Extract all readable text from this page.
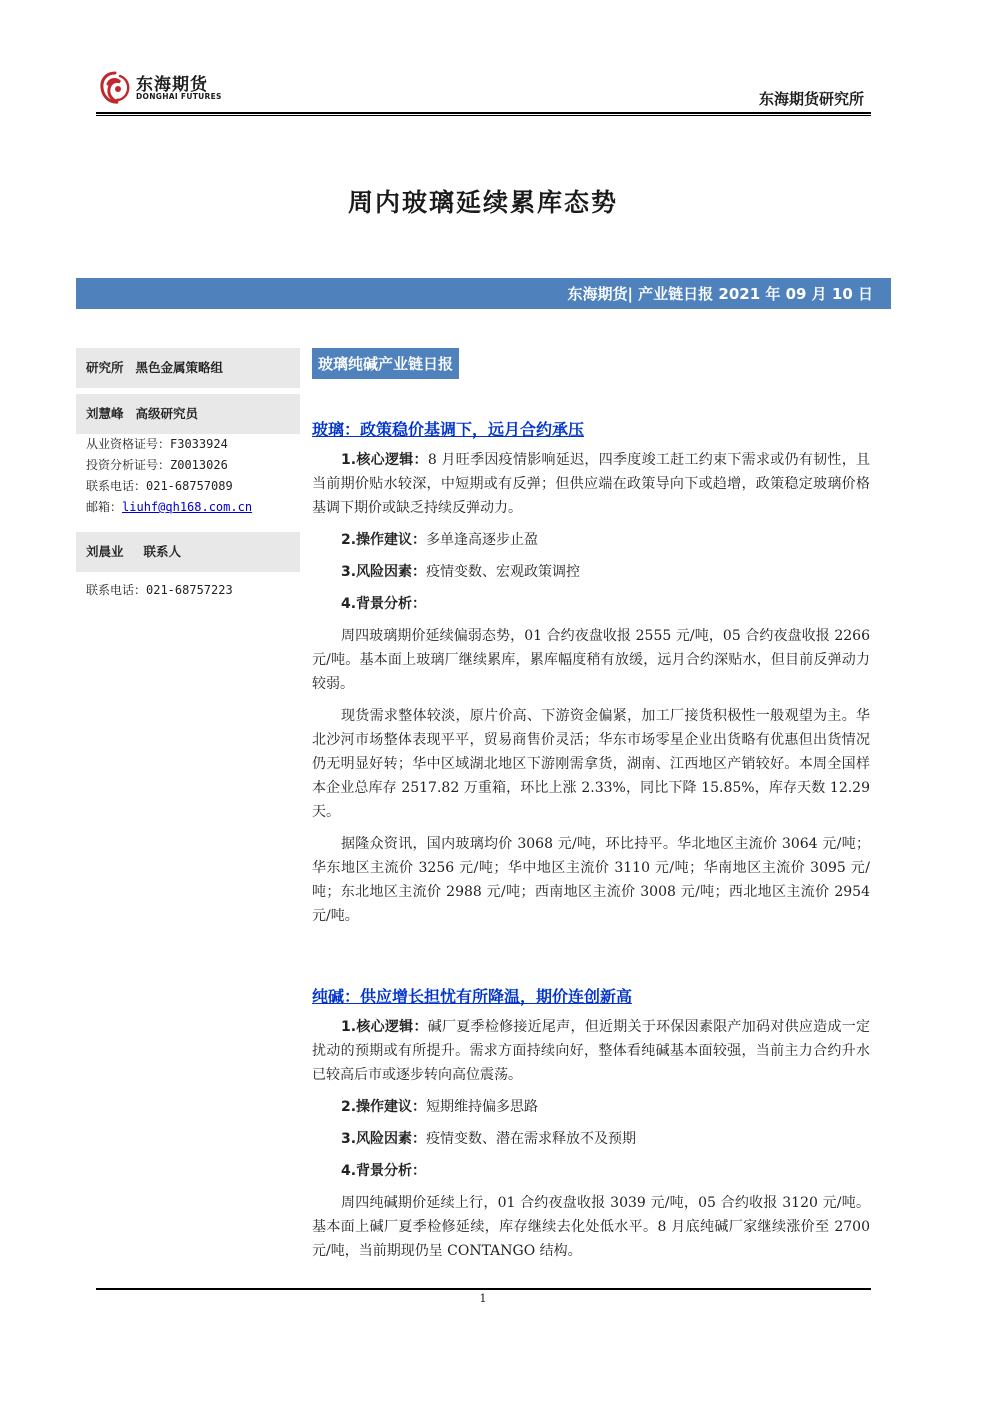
东海期货
DONGHAI FUTURES	东海期货研究所
周内玻璃延续累库态势
东海期货| 产业链日报 2021 年 09 月 10 日
研究所 黑色金属策略组
刘慧峰 高级研究员
从业资格证号：F3033924
投资分析证号：Z0013026
联系电话：021-68757089
邮箱：liuhf@qh168.com.cn
刘晨业 联系人
联系电话：021-68757223
玻璃纯碱产业链日报
玻璃：政策稳价基调下，远月合约承压

1.核心逻辑：8 月旺季因疫情影响延迟，四季度竣工赶工约束下需求或仍有韧性，且当前期价贴水较深，中短期或有反弹；但供应端在政策导向下或趋增，政策稳定玻璃价格基调下期价或缺乏持续反弹动力。

2.操作建议：多单逢高逐步止盈
3.风险因素：疫情变数、宏观政策调控
4.背景分析：

周四玻璃期价延续偏弱态势，01 合约夜盘收报 2555 元/吨，05 合约夜盘收报 2266 元/吨。基本面上玻璃厂继续累库，累库幅度稍有放缓，远月合约深贴水，但目前反弹动力较弱。

现货需求整体较淡，原片价高、下游资金偏紧，加工厂接货积极性一般观望为主。华北沙河市场整体表现平平，贸易商售价灵活；华东市场零星企业出货略有优惠但出货情况仍无明显好转；华中区域湖北地区下游刚需拿货，湖南、江西地区产销较好。本周全国样本企业总库存 2517.82 万重箱，环比上涨 2.33%，同比下降 15.85%，库存天数 12.29 天。

据隆众资讯，国内玻璃均价 3068 元/吨，环比持平。华北地区主流价 3064 元/吨；华东地区主流价 3256 元/吨；华中地区主流价 3110 元/吨；华南地区主流价 3095 元/吨；东北地区主流价 2988 元/吨；西南地区主流价 3008 元/吨；西北地区主流价 2954 元/吨。

纯碱：供应增长担忧有所降温，期价连创新高

1.核心逻辑：碱厂夏季检修接近尾声，但近期关于环保因素限产加码对供应造成一定扰动的预期或有所提升。需求方面持续向好，整体看纯碱基本面较强，当前主力合约升水已较高后市或逐步转向高位震荡。

2.操作建议：短期维持偏多思路
3.风险因素：疫情变数、潜在需求释放不及预期
4.背景分析：

周四纯碱期价延续上行，01 合约夜盘收报 3039 元/吨，05 合约收报 3120 元/吨。基本面上碱厂夏季检修延续，库存继续去化处低水平。8 月底纯碱厂家继续涨价至 2700 元/吨，当前期现仍呈 CONTANGO 结构。

1
